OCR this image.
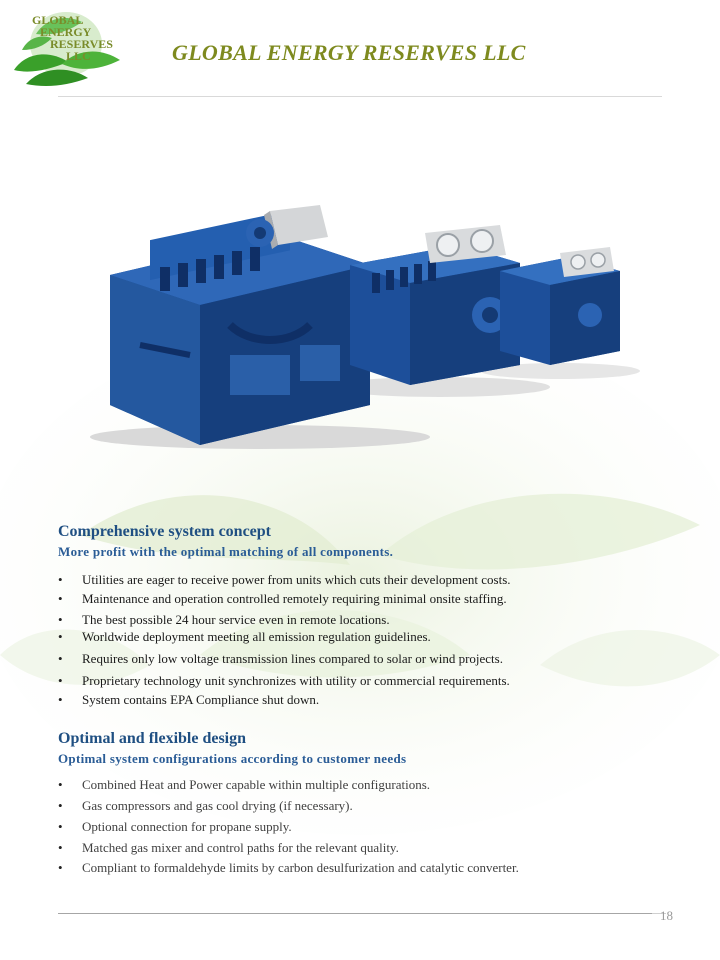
GLOBAL
ENERGY
RESERVES
LLC	GLOBAL ENERGY RESERVES LLC
Comprehensive system concept
More profit with the optimal matching of all components.
• Utilities are eager to receive power from units which cuts their development costs.
• Maintenance and operation controlled remotely requiring minimal onsite staffing.
• The best possible 24 hour service even in remote locations.
• Worldwide deployment meeting all emission regulation guidelines.
• Requires only low voltage transmission lines compared to solar or wind projects.
• Proprietary technology unit synchronizes with utility or commercial requirements.
• System contains EPA Compliance shut down.
Optimal and flexible design
Optimal system configurations according to customer needs
• Combined Heat and Power capable within multiple configurations.
• Gas compressors and gas cool drying (if necessary).
• Optional connection for propane supply.
• Matched gas mixer and control paths for the relevant quality.
• Compliant to formaldehyde limits by carbon desulfurization and catalytic converter.
18
